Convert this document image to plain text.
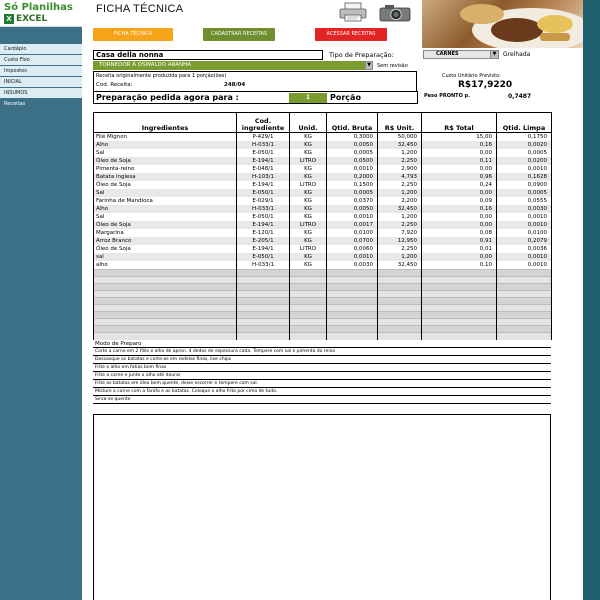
Só Planilhas
X EXCEL
Cardápio
Custo Fixo
Impostos
INICIAL
INSUMOS
Receitas
FICHA TÉCNICA
FICHA TÉCNICA	CADASTRAR RECEITAS	ACESSAR RECEITAS
Casa della nonna	Tipo de Preparação:	CARNES	▼	Grelhada
TORNEDOR À OSWALDO ARANHA	▼	Sem revisão
Receita originalmente produzida para 1 porção(ões)
Cod. Receita:	248/04
Custo Unitário Previsto:
R$17,9220
Preparação pedida agora para :	1	Porção	Peso PRONTO p.	0,7487
Ingredientes	Cod. ingrediente	Unid.	Qtid. Bruta	R$ Unit.	R$ Total	Qtid. Limpa
Filé Mignon	P-429/1	KG	0,3000	50,000	15,00	0,1750
Alho	H-033/1	KG	0,0050	32,450	0,16	0,0020
Sal	E-050/1	KG	0,0005	1,200	0,00	0,0005
Óleo de Soja	E-194/1	LITRO	0,0500	2,250	0,11	0,0200
Pimenta-reino	E-048/1	KG	0,0010	2,900	0,00	0,0010
Batata inglesa	H-103/1	KG	0,2000	4,793	0,96	0,1628
Óleo de Soja	E-194/1	LITRO	0,1500	2,250	0,24	0,0900
Sal	E-050/1	KG	0,0005	1,200	0,00	0,0005
Farinha de Mandioca	E-029/1	KG	0,0370	2,200	0,09	0,0555
Alho	H-033/1	KG	0,0050	32,450	0,16	0,0030
Sal	E-050/1	KG	0,0010	1,200	0,00	0,0010
Óleo de Soja	E-194/1	LITRO	0,0017	2,250	0,00	0,0010
Margarina	E-120/1	KG	0,0100	7,920	0,08	0,0100
Arroz Branco	E-205/1	KG	0,0700	12,950	0,91	0,2079
Óleo de Soja	E-194/1	LITRO	0,0060	2,250	0,01	0,0036
sal	E-050/1	KG	0,0010	1,200	0,00	0,0010
alho	H-033/1	KG	0,0030	32,450	0,10	0,0010

Modo de Preparo
Corte a carne em 2 filés e alho de apron. 4 dedos de espessura cada. Tempere com sal e pimenta do reino
Descasque as batatas e corte-as em rodelas finas, lixe chips
Frite o alho em fatias bem finas
Frite a carne e junte o alho até dourar
Frite as batatas em óleo bem quente, deixe escorrer e tempere com sal.
Misture a carne com a farofa e as batatas. Coloque o alho frito por cima de tudo.
Sirva-se quente
